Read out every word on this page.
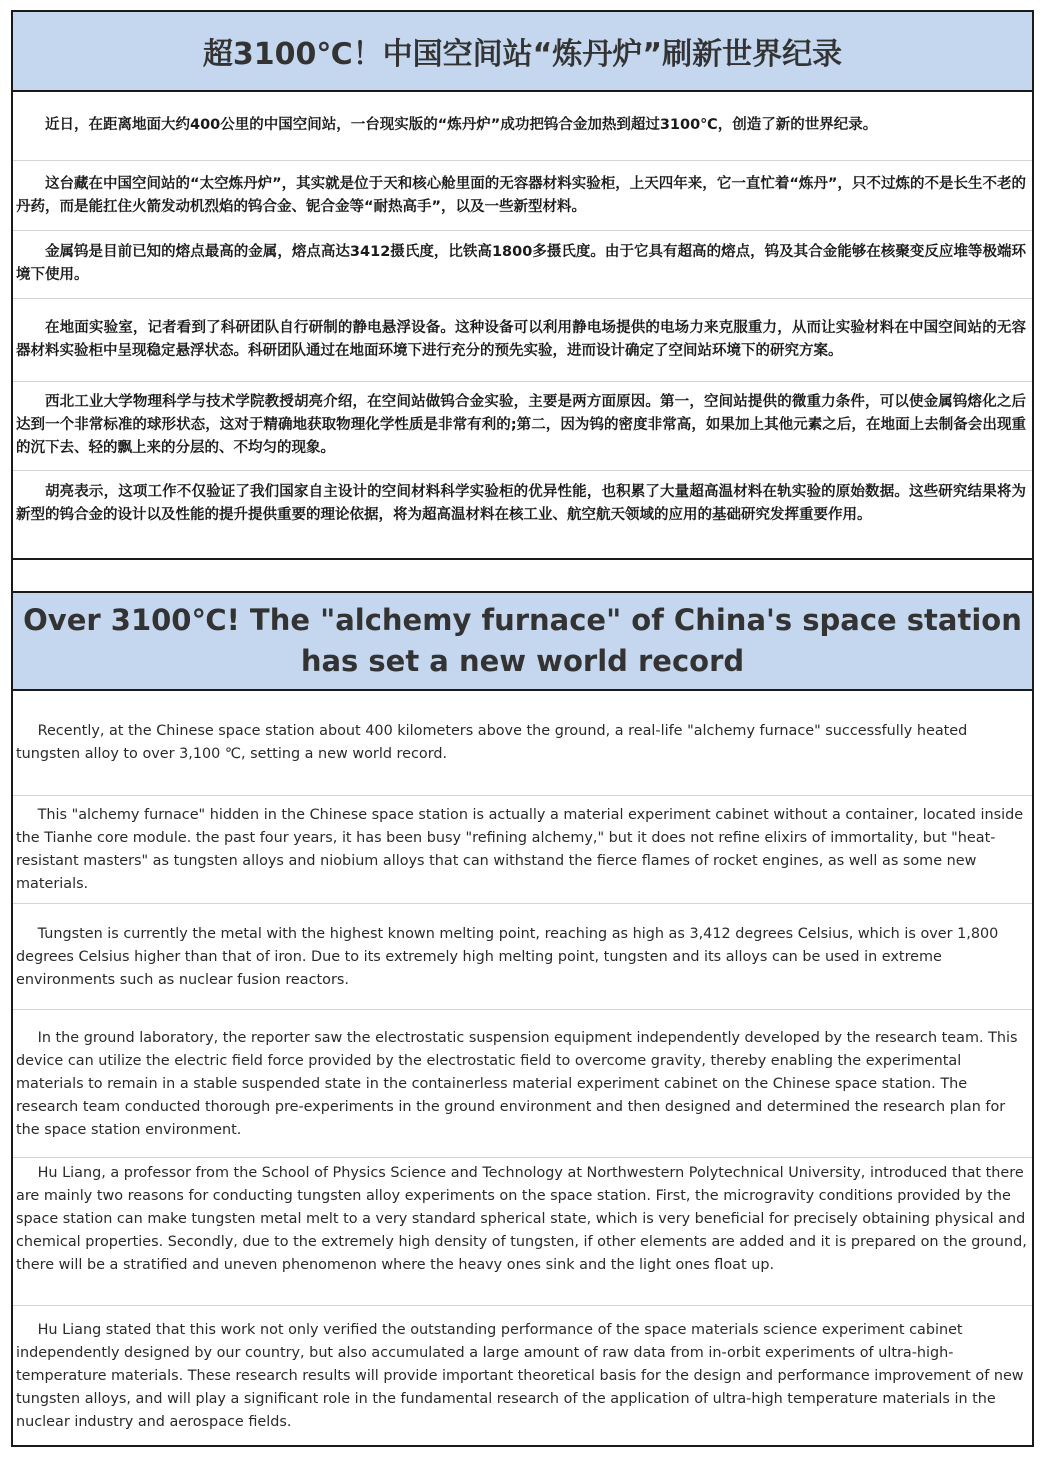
超3100℃！中国空间站“炼丹炉”刷新世界纪录
近日，在距离地面大约400公里的中国空间站，一台现实版的“炼丹炉”成功把钨合金加热到超过3100℃，创造了新的世界纪录。
这台藏在中国空间站的“太空炼丹炉”，其实就是位于天和核心舱里面的无容器材料实验柜，上天四年来，它一直忙着“炼丹”，只不过炼的不是长生不老的丹药，而是能扛住火箭发动机烈焰的钨合金、铌合金等“耐热高手”，以及一些新型材料。
金属钨是目前已知的熔点最高的金属，熔点高达3412摄氏度，比铁高1800多摄氏度。由于它具有超高的熔点，钨及其合金能够在核聚变反应堆等极端环境下使用。
在地面实验室，记者看到了科研团队自行研制的静电悬浮设备。这种设备可以利用静电场提供的电场力来克服重力，从而让实验材料在中国空间站的无容器材料实验柜中呈现稳定悬浮状态。科研团队通过在地面环境下进行充分的预先实验，进而设计确定了空间站环境下的研究方案。
西北工业大学物理科学与技术学院教授胡亮介绍，在空间站做钨合金实验，主要是两方面原因。第一，空间站提供的微重力条件，可以使金属钨熔化之后达到一个非常标准的球形状态，这对于精确地获取物理化学性质是非常有利的;第二，因为钨的密度非常高，如果加上其他元素之后，在地面上去制备会出现重的沉下去、轻的飘上来的分层的、不均匀的现象。
胡亮表示，这项工作不仅验证了我们国家自主设计的空间材料科学实验柜的优异性能，也积累了大量超高温材料在轨实验的原始数据。这些研究结果将为新型的钨合金的设计以及性能的提升提供重要的理论依据，将为超高温材料在核工业、航空航天领域的应用的基础研究发挥重要作用。
Over 3100℃! The "alchemy furnace" of China's space station has set a new world record
Recently, at the Chinese space station about 400 kilometers above the ground, a real-life "alchemy furnace" successfully heated tungsten alloy to over 3,100 ℃, setting a new world record.
This "alchemy furnace" hidden in the Chinese space station is actually a material experiment cabinet without a container, located inside the Tianhe core module. the past four years, it has been busy "refining alchemy," but it does not refine elixirs of immortality, but "heat-resistant masters" as tungsten alloys and niobium alloys that can withstand the fierce flames of rocket engines, as well as some new materials.
Tungsten is currently the metal with the highest known melting point, reaching as high as 3,412 degrees Celsius, which is over 1,800 degrees Celsius higher than that of iron. Due to its extremely high melting point, tungsten and its alloys can be used in extreme environments such as nuclear fusion reactors.
In the ground laboratory, the reporter saw the electrostatic suspension equipment independently developed by the research team. This device can utilize the electric field force provided by the electrostatic field to overcome gravity, thereby enabling the experimental materials to remain in a stable suspended state in the containerless material experiment cabinet on the Chinese space station. The research team conducted thorough pre-experiments in the ground environment and then designed and determined the research plan for the space station environment.
Hu Liang, a professor from the School of Physics Science and Technology at Northwestern Polytechnical University, introduced that there are mainly two reasons for conducting tungsten alloy experiments on the space station. First, the microgravity conditions provided by the space station can make tungsten metal melt to a very standard spherical state, which is very beneficial for precisely obtaining physical and chemical properties. Secondly, due to the extremely high density of tungsten, if other elements are added and it is prepared on the ground, there will be a stratified and uneven phenomenon where the heavy ones sink and the light ones float up.
Hu Liang stated that this work not only verified the outstanding performance of the space materials science experiment cabinet independently designed by our country, but also accumulated a large amount of raw data from in-orbit experiments of ultra-high-temperature materials. These research results will provide important theoretical basis for the design and performance improvement of new tungsten alloys, and will play a significant role in the fundamental research of the application of ultra-high temperature materials in the nuclear industry and aerospace fields.
